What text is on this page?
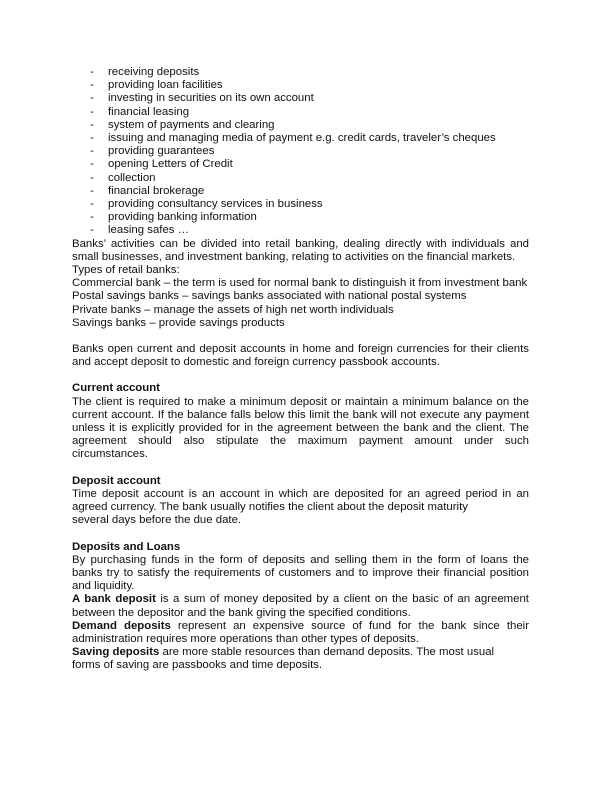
- receiving deposits
- providing loan facilities
- investing in securities on its own account
- financial leasing
- system of payments and clearing
- issuing and managing media of payment e.g. credit cards, traveler’s cheques
- providing guarantees
- opening Letters of Credit
- collection
- financial brokerage
- providing consultancy services in business
- providing banking information
- leasing safes …

Banks’ activities can be divided into retail banking, dealing directly with individuals and small businesses, and investment banking, relating to activities on the financial markets.

Types of retail banks:

Commercial bank – the term is used for normal bank to distinguish it from investment bank

Postal savings banks – savings banks associated with national postal systems

Private banks – manage the assets of high net worth individuals

Savings banks – provide savings products

Banks open current and deposit accounts in home and foreign currencies for their clients and accept deposit to domestic and foreign currency passbook accounts.

Current account

The client is required to make a minimum deposit or maintain a minimum balance on the current account. If the balance falls below this limit the bank will not execute any payment unless it is explicitly provided for in the agreement between the bank and the client. The agreement should also stipulate the maximum payment amount under such circumstances.

Deposit account

Time deposit account is an account in which are deposited for an agreed period in an agreed currency. The bank usually notifies the client about the deposit maturity

several days before the due date.

Deposits and Loans

By purchasing funds in the form of deposits and selling them in the form of loans the banks try to satisfy the requirements of customers and to improve their financial position and liquidity.

A bank deposit is a sum of money deposited by a client on the basic of an agreement between the depositor and the bank giving the specified conditions.

Demand deposits represent an expensive source of fund for the bank since their administration requires more operations than other types of deposits.

Saving deposits are more stable resources than demand deposits. The most usual

forms of saving are passbooks and time deposits.
